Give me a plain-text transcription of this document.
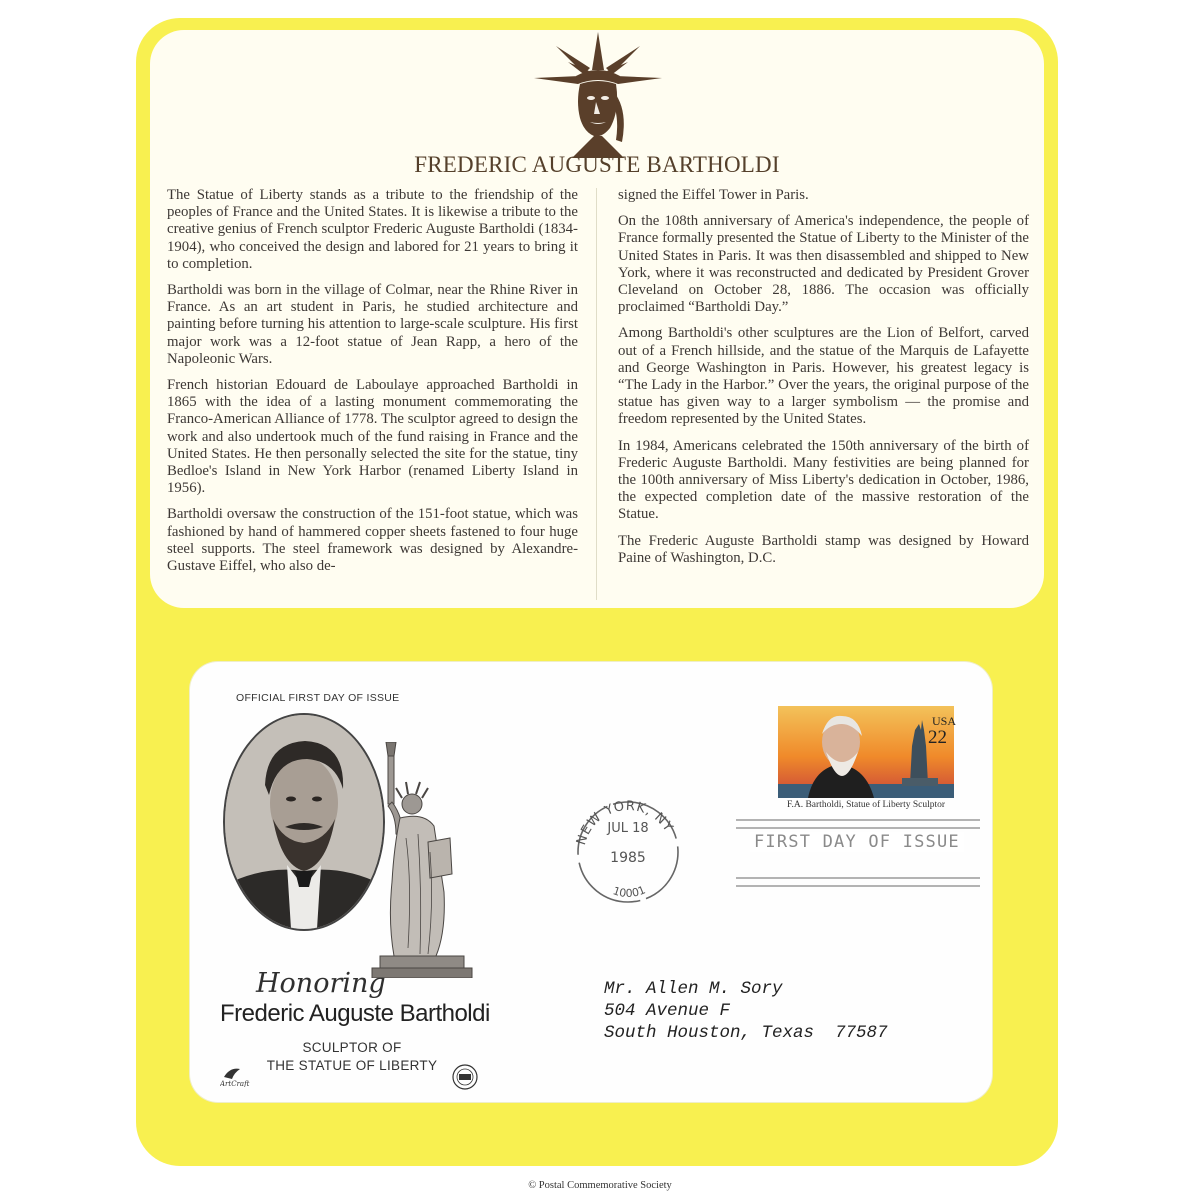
FREDERIC AUGUSTE BARTHOLDI

The Statue of Liberty stands as a tribute to the friendship of the peoples of France and the United States. It is likewise a tribute to the creative genius of French sculptor Frederic Auguste Bartholdi (1834-1904), who conceived the design and labored for 21 years to bring it to completion.

Bartholdi was born in the village of Colmar, near the Rhine River in France. As an art student in Paris, he studied architecture and painting before turning his attention to large-scale sculpture. His first major work was a 12-foot statue of Jean Rapp, a hero of the Napoleonic Wars.

French historian Edouard de Laboulaye approached Bartholdi in 1865 with the idea of a lasting monument commemorating the Franco-American Alliance of 1778. The sculptor agreed to design the work and also undertook much of the fund raising in France and the United States. He then personally selected the site for the statue, tiny Bedloe's Island in New York Harbor (renamed Liberty Island in 1956).

Bartholdi oversaw the construction of the 151-foot statue, which was fashioned by hand of hammered copper sheets fastened to four huge steel supports. The steel framework was designed by Alexandre-Gustave Eiffel, who also de-

signed the Eiffel Tower in Paris.

On the 108th anniversary of America's independence, the people of France formally presented the Statue of Liberty to the Minister of the United States in Paris. It was then disassembled and shipped to New York, where it was reconstructed and dedicated by President Grover Cleveland on October 28, 1886. The occasion was officially proclaimed “Bartholdi Day.”

Among Bartholdi's other sculptures are the Lion of Belfort, carved out of a French hillside, and the statue of the Marquis de Lafayette and George Washington in Paris. However, his greatest legacy is “The Lady in the Harbor.” Over the years, the original purpose of the statue has given way to a larger symbolism — the promise and freedom represented by the United States.

In 1984, Americans celebrated the 150th anniversary of the birth of Frederic Auguste Bartholdi. Many festivities are being planned for the 100th anniversary of Miss Liberty's dedication in October, 1986, the expected completion date of the massive restoration of the Statue.

The Frederic Auguste Bartholdi stamp was designed by Howard Paine of Washington, D.C.

OFFICIAL FIRST DAY OF ISSUE
Honoring
Frederic Auguste Bartholdi
SCULPTOR OF
THE STATUE OF LIBERTY
ArtCraft
NEW YORK, NY
JUL 18
1985
10001
USA
22
F.A. Bartholdi, Statue of Liberty Sculptor
FIRST DAY OF ISSUE
Mr. Allen M. Sory
504 Avenue F
South Houston, Texas  77587
© Postal Commemorative Society
